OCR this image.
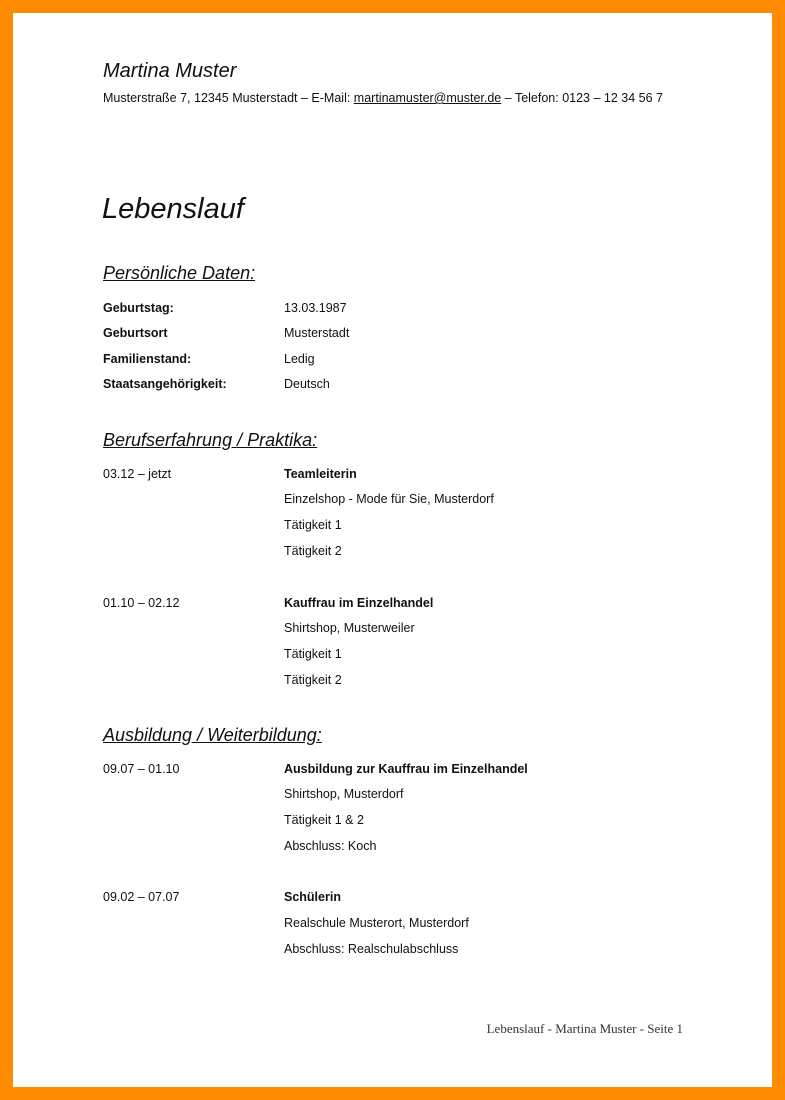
Martina Muster
Musterstraße 7, 12345 Musterstadt – E-Mail: martinamuster@muster.de – Telefon: 0123 – 12 34 56 7
Lebenslauf
Persönliche Daten:
Geburtstag:	13.03.1987
Geburtsort	Musterstadt
Familienstand:	Ledig
Staatsangehörigkeit:	Deutsch
Berufserfahrung / Praktika:
03.12 – jetzt	Teamleiterin
Einzelshop - Mode für Sie, Musterdorf
Tätigkeit 1
Tätigkeit 2
01.10 – 02.12	Kauffrau im Einzelhandel
Shirtshop, Musterweiler
Tätigkeit 1
Tätigkeit 2
Ausbildung / Weiterbildung:
09.07 – 01.10	Ausbildung zur Kauffrau im Einzelhandel
Shirtshop, Musterdorf
Tätigkeit 1 & 2
Abschluss: Koch
09.02 – 07.07	Schülerin
Realschule Musterort, Musterdorf
Abschluss: Realschulabschluss
Lebenslauf - Martina Muster - Seite 1
